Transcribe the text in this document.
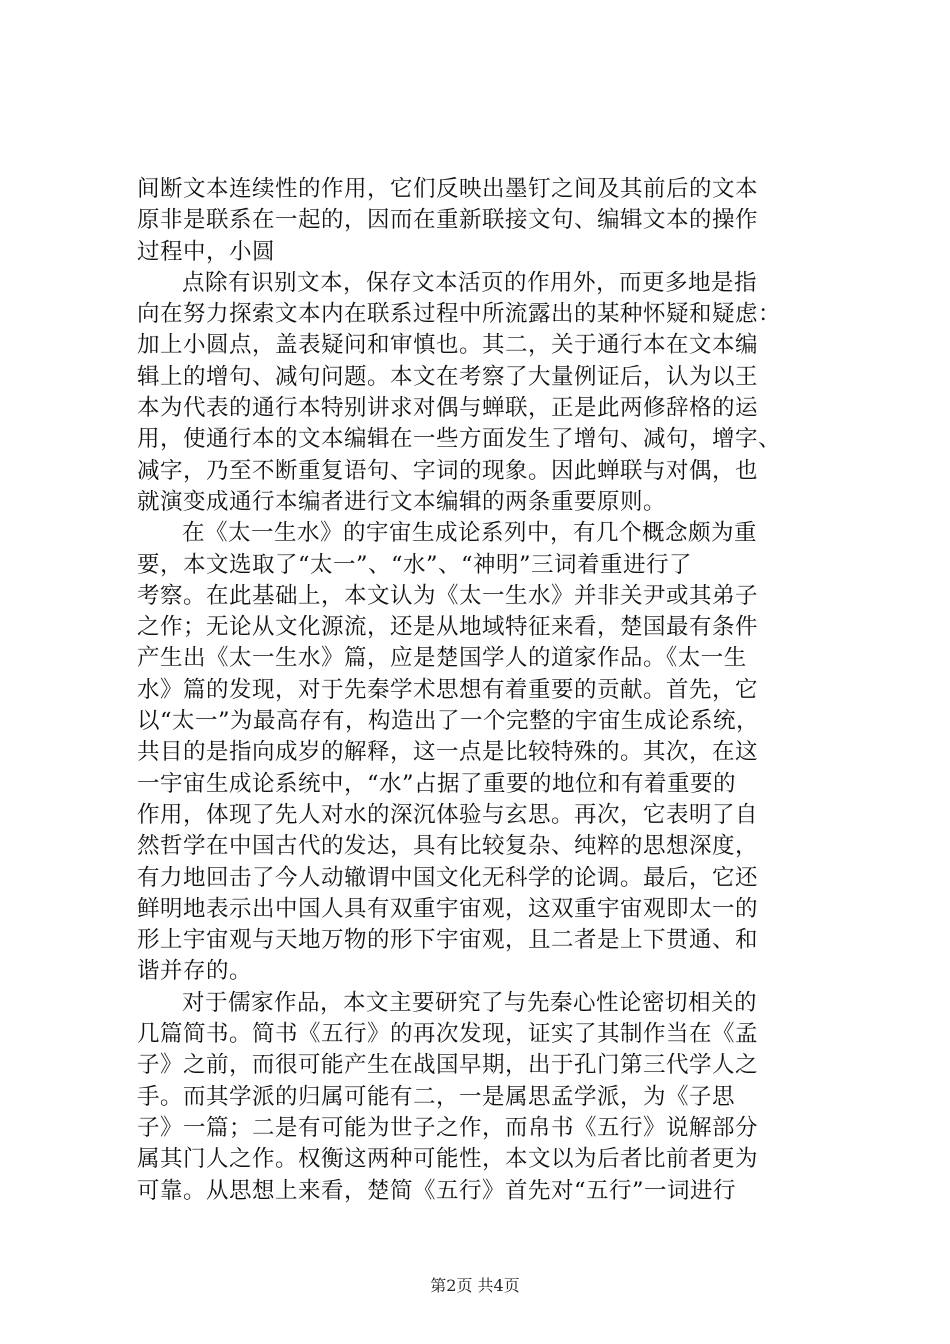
间断文本连续性的作用，它们反映出墨钉之间及其前后的文本
原非是联系在一起的，因而在重新联接文句、编辑文本的操作
过程中，小圆
点除有识别文本，保存文本活页的作用外，而更多地是指
向在努力探索文本内在联系过程中所流露出的某种怀疑和疑虑：
加上小圆点，盖表疑问和审慎也。其二，关于通行本在文本编
辑上的增句、减句问题。本文在考察了大量例证后，认为以王
本为代表的通行本特别讲求对偶与蝉联，正是此两修辞格的运
用，使通行本的文本编辑在一些方面发生了增句、减句，增字、
减字，乃至不断重复语句、字词的现象。因此蝉联与对偶，也
就演变成通行本编者进行文本编辑的两条重要原则。
在《太一生水》的宇宙生成论系列中，有几个概念颇为重
要，本文选取了“太一”、“水”、“神明”三词着重进行了
考察。在此基础上，本文认为《太一生水》并非关尹或其弟子
之作；无论从文化源流，还是从地域特征来看，楚国最有条件
产生出《太一生水》篇，应是楚国学人的道家作品。《太一生
水》篇的发现，对于先秦学术思想有着重要的贡献。首先，它
以“太一”为最高存有，构造出了一个完整的宇宙生成论系统，
共目的是指向成岁的解释，这一点是比较特殊的。其次，在这
一宇宙生成论系统中，“水”占据了重要的地位和有着重要的
作用，体现了先人对水的深沉体验与玄思。再次，它表明了自
然哲学在中国古代的发达，具有比较复杂、纯粹的思想深度，
有力地回击了今人动辙谓中国文化无科学的论调。最后，它还
鲜明地表示出中国人具有双重宇宙观，这双重宇宙观即太一的
形上宇宙观与天地万物的形下宇宙观，且二者是上下贯通、和
谐并存的。
对于儒家作品，本文主要研究了与先秦心性论密切相关的
几篇简书。简书《五行》的再次发现，证实了其制作当在《孟
子》之前，而很可能产生在战国早期，出于孔门第三代学人之
手。而其学派的归属可能有二，一是属思孟学派，为《子思
子》一篇；二是有可能为世子之作，而帛书《五行》说解部分
属其门人之作。权衡这两种可能性，本文以为后者比前者更为
可靠。从思想上来看，楚简《五行》首先对“五行”一词进行
第2页 共4页
